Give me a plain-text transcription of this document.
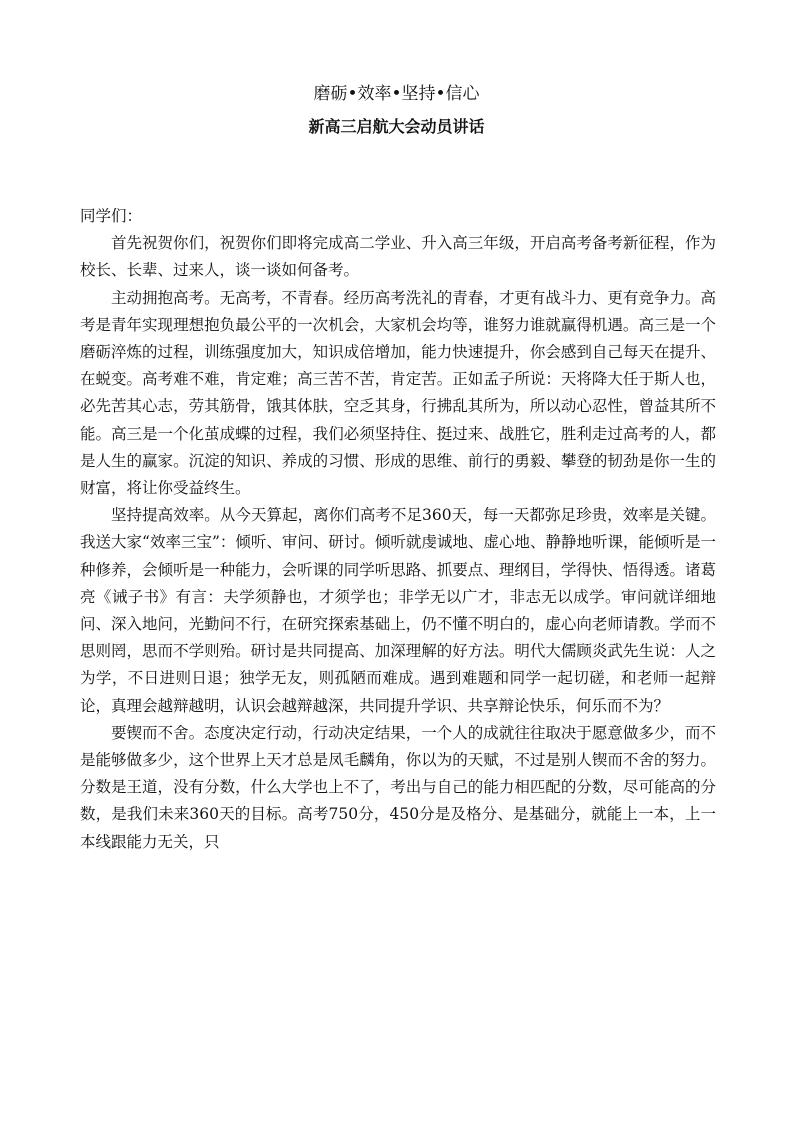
磨砺•效率•坚持•信心
新高三启航大会动员讲话

同学们：

首先祝贺你们，祝贺你们即将完成高二学业、升入高三年级，开启高考备考新征程，作为校长、长辈、过来人，谈一谈如何备考。

主动拥抱高考。无高考，不青春。经历高考洗礼的青春，才更有战斗力、更有竞争力。高考是青年实现理想抱负最公平的一次机会，大家机会均等，谁努力谁就赢得机遇。高三是一个磨砺淬炼的过程，训练强度加大，知识成倍增加，能力快速提升，你会感到自己每天在提升、在蜕变。高考难不难，肯定难；高三苦不苦，肯定苦。正如孟子所说：天将降大任于斯人也，必先苦其心志，劳其筋骨，饿其体肤，空乏其身，行拂乱其所为，所以动心忍性，曾益其所不能。高三是一个化茧成蝶的过程，我们必须坚持住、挺过来、战胜它，胜利走过高考的人，都是人生的赢家。沉淀的知识、养成的习惯、形成的思维、前行的勇毅、攀登的韧劲是你一生的财富，将让你受益终生。

坚持提高效率。从今天算起，离你们高考不足360天，每一天都弥足珍贵，效率是关键。我送大家“效率三宝”：倾听、审问、研讨。倾听就虔诚地、虚心地、静静地听课，能倾听是一种修养，会倾听是一种能力，会听课的同学听思路、抓要点、理纲目，学得快、悟得透。诸葛亮《诫子书》有言：夫学须静也，才须学也；非学无以广才，非志无以成学。审问就详细地问、深入地问，光勤问不行，在研究探索基础上，仍不懂不明白的，虚心向老师请教。学而不思则罔，思而不学则殆。研讨是共同提高、加深理解的好方法。明代大儒顾炎武先生说：人之为学，不日进则日退；独学无友，则孤陋而难成。遇到难题和同学一起切磋，和老师一起辩论，真理会越辩越明，认识会越辩越深，共同提升学识、共享辩论快乐，何乐而不为？

要锲而不舍。态度决定行动，行动决定结果，一个人的成就往往取决于愿意做多少，而不是能够做多少，这个世界上天才总是凤毛麟角，你以为的天赋，不过是别人锲而不舍的努力。分数是王道，没有分数，什么大学也上不了，考出与自己的能力相匹配的分数，尽可能高的分数，是我们未来360天的目标。高考750分，450分是及格分、是基础分，就能上一本，上一本线跟能力无关，只
